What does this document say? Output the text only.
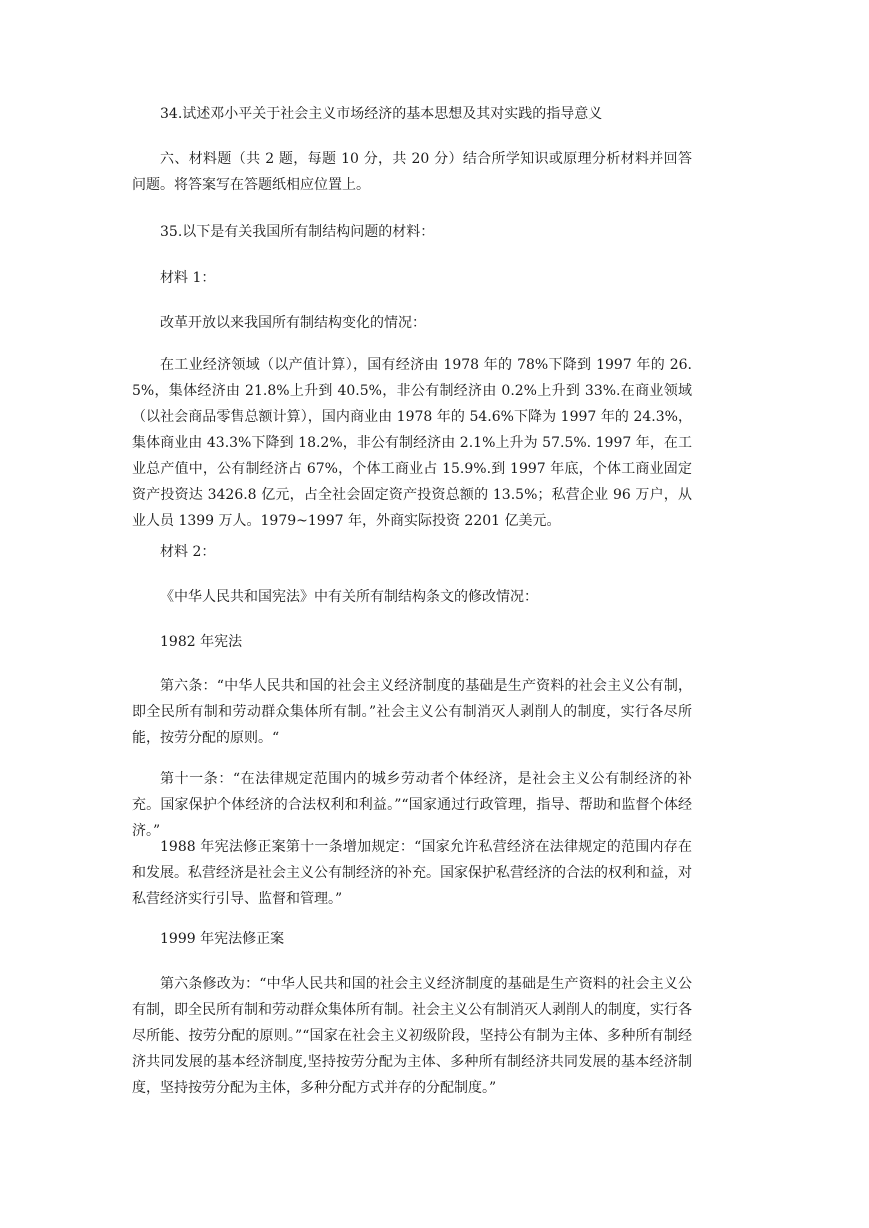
34.试述邓小平关于社会主义市场经济的基本思想及其对实践的指导意义

六、材料题（共 2 题，每题 10 分，共 20 分）结合所学知识或原理分析材料并回答问题。将答案写在答题纸相应位置上。

35.以下是有关我国所有制结构问题的材料：

材料 1：

改革开放以来我国所有制结构变化的情况：

在工业经济领域（以产值计算），国有经济由 1978 年的 78%下降到 1997 年的 26.5%，集体经济由 21.8%上升到 40.5%，非公有制经济由 0.2%上升到 33%.在商业领域（以社会商品零售总额计算），国内商业由 1978 年的 54.6%下降为 1997 年的 24.3%，集体商业由 43.3%下降到 18.2%，非公有制经济由 2.1%上升为 57.5%. 1997 年，在工业总产值中，公有制经济占 67%，个体工商业占 15.9%.到 1997 年底，个体工商业固定资产投资达 3426.8 亿元，占全社会固定资产投资总额的 13.5%；私营企业 96 万户，从业人员 1399 万人。1979~1997 年，外商实际投资 2201 亿美元。

材料 2：

《中华人民共和国宪法》中有关所有制结构条文的修改情况：

1982 年宪法

第六条：“中华人民共和国的社会主义经济制度的基础是生产资料的社会主义公有制，即全民所有制和劳动群众集体所有制。”社会主义公有制消灭人剥削人的制度，实行各尽所能，按劳分配的原则。“

第十一条：“在法律规定范围内的城乡劳动者个体经济，是社会主义公有制经济的补充。国家保护个体经济的合法权利和利益。”“国家通过行政管理，指导、帮助和监督个体经济。”

1988 年宪法修正案第十一条增加规定：“国家允许私营经济在法律规定的范围内存在和发展。私营经济是社会主义公有制经济的补充。国家保护私营经济的合法的权利和益，对私营经济实行引导、监督和管理。”

1999 年宪法修正案

第六条修改为：“中华人民共和国的社会主义经济制度的基础是生产资料的社会主义公有制，即全民所有制和劳动群众集体所有制。社会主义公有制消灭人剥削人的制度，实行各尽所能、按劳分配的原则。”“国家在社会主义初级阶段，坚持公有制为主体、多种所有制经济共同发展的基本经济制度,坚持按劳分配为主体、多种所有制经济共同发展的基本经济制度，坚持按劳分配为主体，多种分配方式并存的分配制度。”
